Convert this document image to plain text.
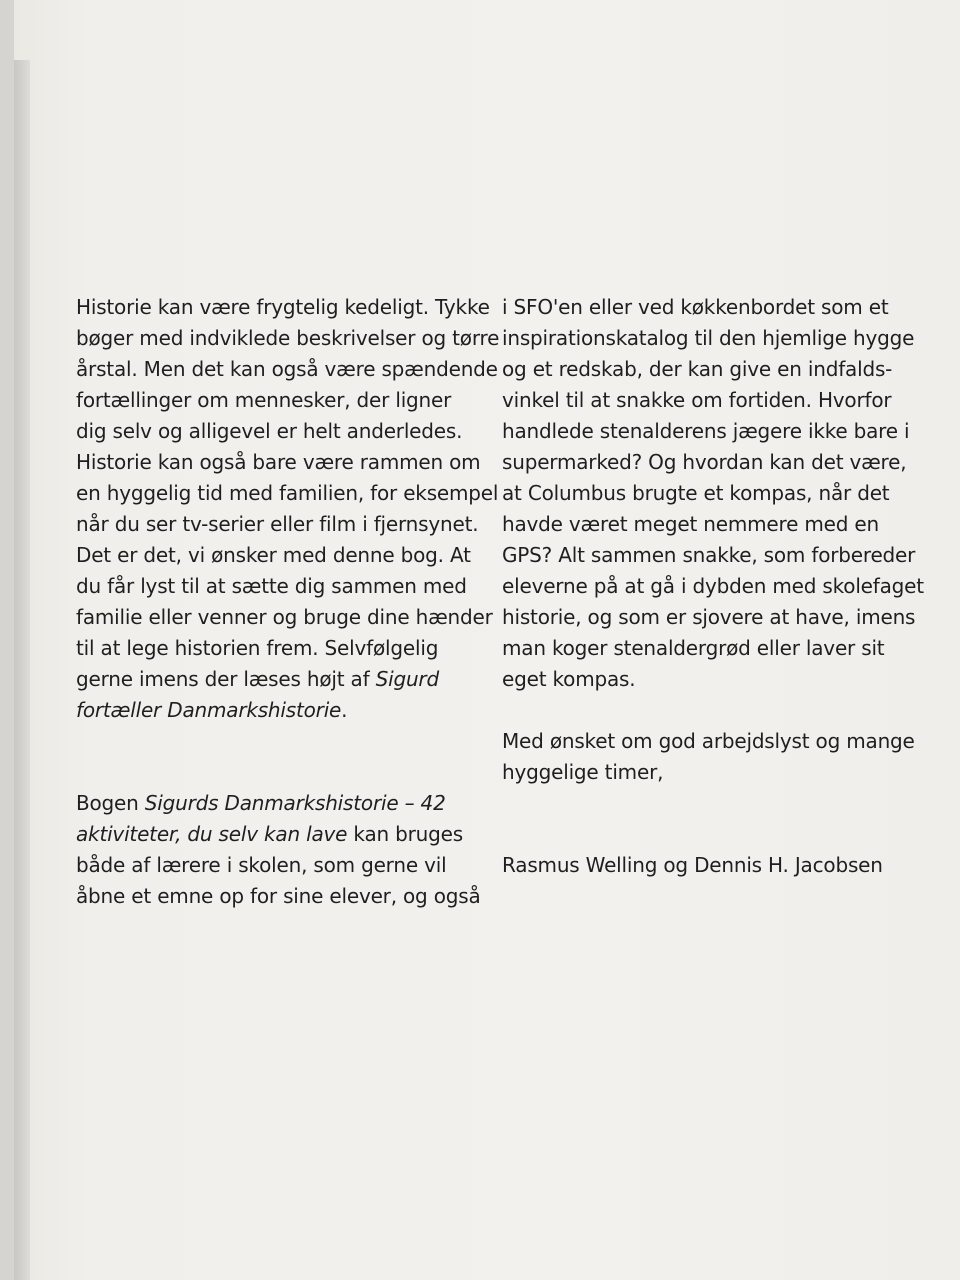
Historie kan være frygtelig kedeligt. Tykke
bøger med indviklede beskrivelser og tørre
årstal. Men det kan også være spændende
fortællinger om mennesker, der ligner
dig selv og alligevel er helt anderledes.
Historie kan også bare være rammen om
en hyggelig tid med familien, for eksempel
når du ser tv-serier eller film i fjernsynet.
Det er det, vi ønsker med denne bog. At
du får lyst til at sætte dig sammen med
familie eller venner og bruge dine hænder
til at lege historien frem. Selvfølgelig
gerne imens der læses højt af Sigurd
fortæller Danmarkshistorie.
Bogen Sigurds Danmarkshistorie – 42
aktiviteter, du selv kan lave kan bruges
både af lærere i skolen, som gerne vil
åbne et emne op for sine elever, og også
i SFO'en eller ved køkkenbordet som et
inspirationskatalog til den hjemlige hygge
og et redskab, der kan give en indfalds-
vinkel til at snakke om fortiden. Hvorfor
handlede stenalderens jægere ikke bare i
supermarked? Og hvordan kan det være,
at Columbus brugte et kompas, når det
havde været meget nemmere med en
GPS? Alt sammen snakke, som forbereder
eleverne på at gå i dybden med skolefaget
historie, og som er sjovere at have, imens
man koger stenaldergrød eller laver sit
eget kompas.
Med ønsket om god arbejdslyst og mange
hyggelige timer,
Rasmus Welling og Dennis H. Jacobsen
